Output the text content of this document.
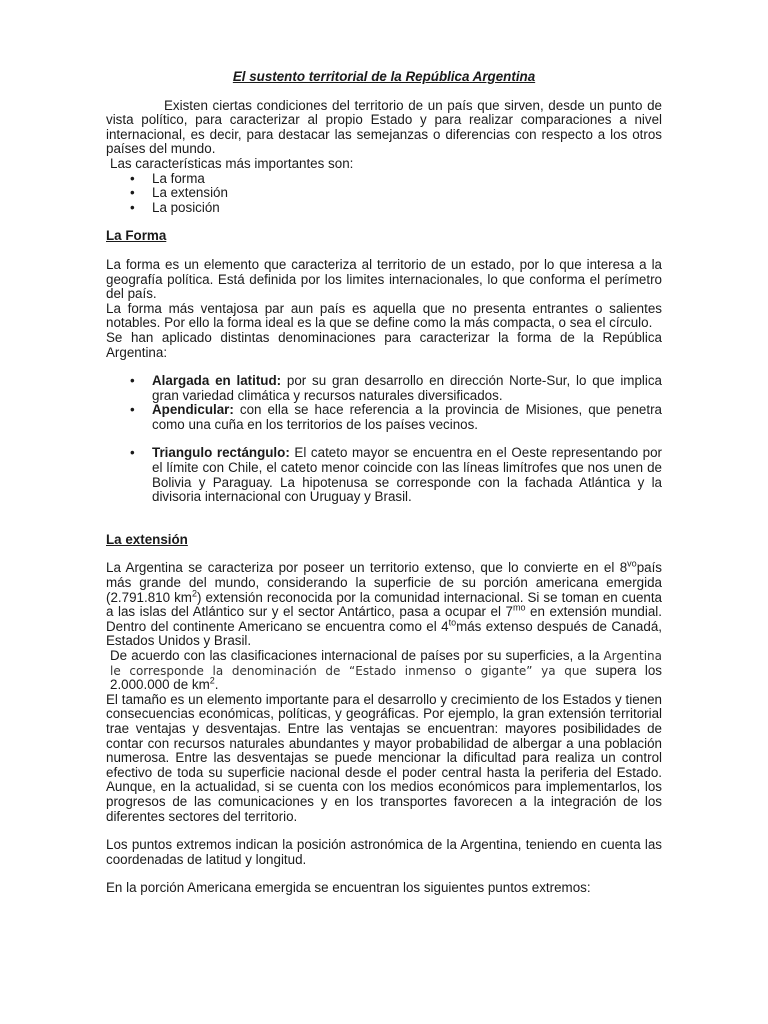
El sustento territorial de la República Argentina

Existen ciertas condiciones del territorio de un país que sirven, desde un punto de vista político, para caracterizar al propio Estado y para realizar comparaciones a nivel internacional, es decir, para destacar las semejanzas o diferencias con respecto a los otros países del mundo.

Las características más importantes son:

• La forma
• La extensión
• La posición

La Forma

La forma es un elemento que caracteriza al territorio de un estado, por lo que interesa a la geografía política. Está definida por los limites internacionales, lo que conforma el perímetro del país.

La forma más ventajosa par aun país es aquella que no presenta entrantes o salientes notables. Por ello la forma ideal es la que se define como la más compacta, o sea el círculo.

Se han aplicado distintas denominaciones para caracterizar la forma de la República Argentina:

• Alargada en latitud: por su gran desarrollo en dirección Norte-Sur, lo que implica gran variedad climática y recursos naturales diversificados.
• Apendicular: con ella se hace referencia a la provincia de Misiones, que penetra como una cuña en los territorios de los países vecinos.
• Triangulo rectángulo: El cateto mayor se encuentra en el Oeste representando por el límite con Chile, el cateto menor coincide con las líneas limítrofes que nos unen de Bolivia y Paraguay. La hipotenusa se corresponde con la fachada Atlántica y la divisoria internacional con Uruguay y Brasil.

La extensión

La Argentina se caracteriza por poseer un territorio extenso, que lo convierte en el $8^{vo}país$ más grande del mundo, considerando la superficie de su porción americana emergida (2.791.810 $km^2$) extensión reconocida por la comunidad internacional. Si se toman en cuenta a las islas del Atlántico sur y el sector Antártico, pasa a ocupar el $7^{mo}$ en extensión mundial. Dentro del continente Americano se encuentra como el $4^{to}más$ extenso después de Canadá, Estados Unidos y Brasil.

De acuerdo con las clasificaciones internacional de países por su superficies, a la Argentina le corresponde la denominación de “Estado inmenso o gigante” ya que supera los 2.000.000 de $km^2$.

El tamaño es un elemento importante para el desarrollo y crecimiento de los Estados y tienen consecuencias económicas, políticas, y geográficas. Por ejemplo, la gran extensión territorial trae ventajas y desventajas. Entre las ventajas se encuentran: mayores posibilidades de contar con recursos naturales abundantes y mayor probabilidad de albergar a una población numerosa. Entre las desventajas se puede mencionar la dificultad para realiza un control efectivo de toda su superficie nacional desde el poder central hasta la periferia del Estado. Aunque, en la actualidad, si se cuenta con los medios económicos para implementarlos, los progresos de las comunicaciones y en los transportes favorecen a la integración de los diferentes sectores del territorio.

Los puntos extremos indican la posición astronómica de la Argentina, teniendo en cuenta las coordenadas de latitud y longitud.

En la porción Americana emergida se encuentran los siguientes puntos extremos:
